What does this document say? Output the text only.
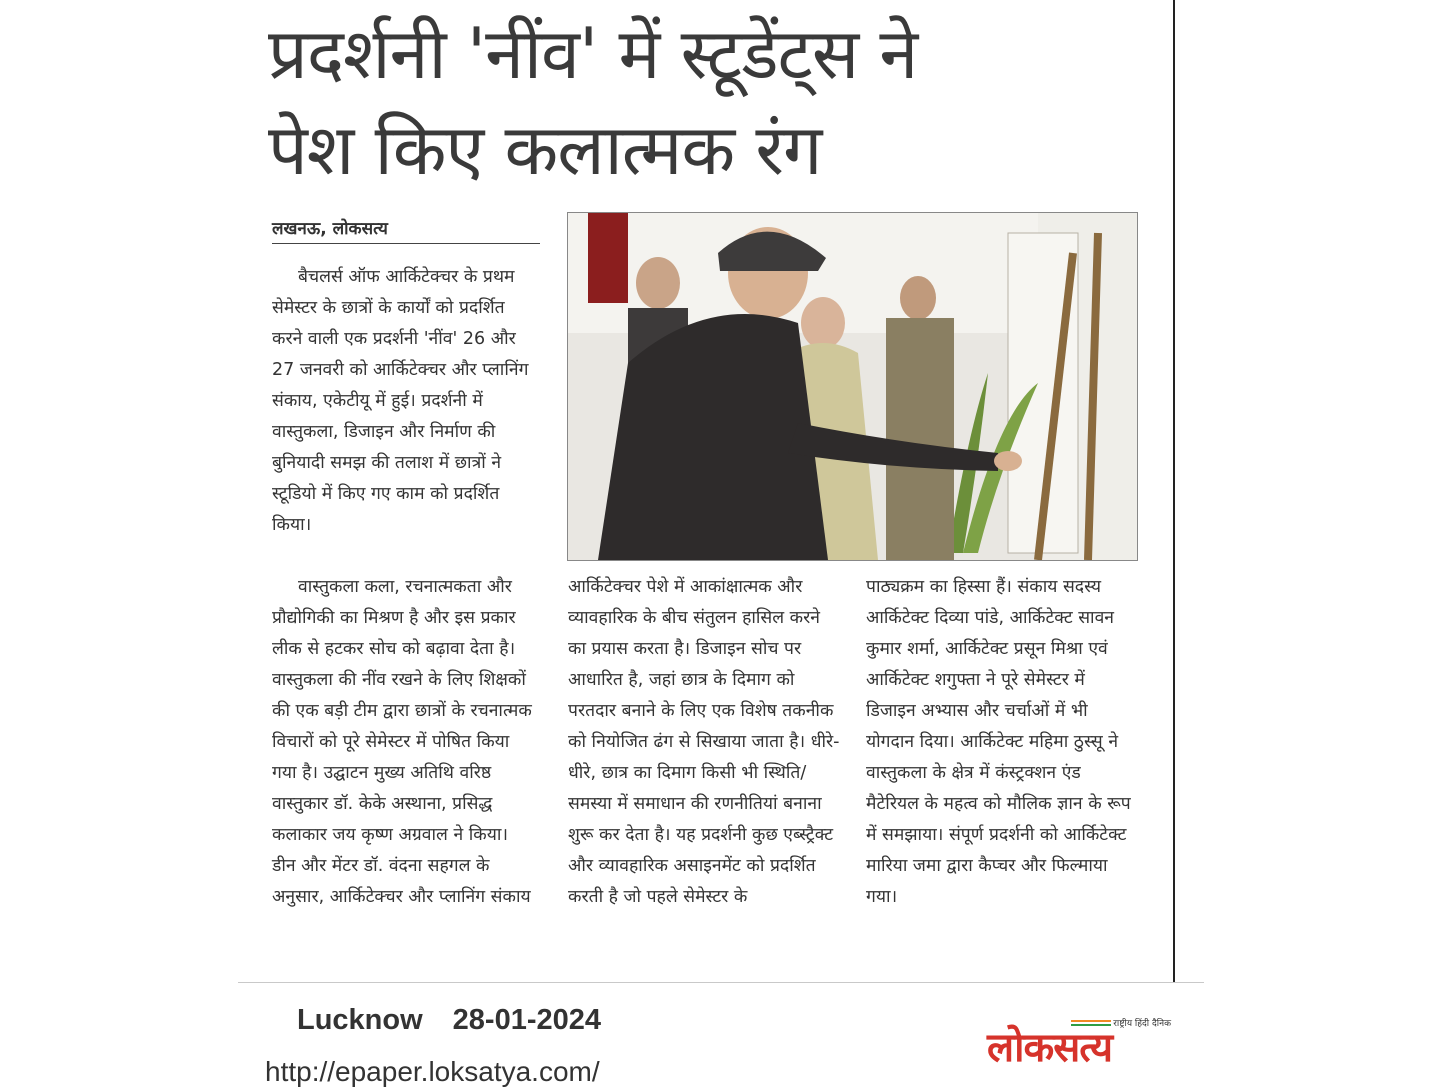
प्रदर्शनी 'नींव' में स्टूडेंट्स ने
पेश किए कलात्मक रंग
लखनऊ, लोकसत्य

बैचलर्स ऑफ आर्किटेक्चर के प्रथम सेमेस्टर के छात्रों के कार्यों को प्रदर्शित करने वाली एक प्रदर्शनी 'नींव' 26 और 27 जनवरी को आर्किटेक्चर और प्लानिंग संकाय, एकेटीयू में हुई। प्रदर्शनी में वास्तुकला, डिजाइन और निर्माण की बुनियादी समझ की तलाश में छात्रों ने स्टूडियो में किए गए काम को प्रदर्शित किया।

वास्तुकला कला, रचनात्मकता और प्रौद्योगिकी का मिश्रण है और इस प्रकार लीक से हटकर सोच को बढ़ावा देता है। वास्तुकला की नींव रखने के लिए शिक्षकों की एक बड़ी टीम द्वारा छात्रों के रचनात्मक विचारों को पूरे सेमेस्टर में पोषित किया गया है। उद्घाटन मुख्य अतिथि वरिष्ठ वास्तुकार डॉ. केके अस्थाना, प्रसिद्ध कलाकार जय कृष्ण अग्रवाल ने किया। डीन और मेंटर डॉ. वंदना सहगल के अनुसार, आर्किटेक्चर और प्लानिंग संकाय

आर्किटेक्चर पेशे में आकांक्षात्मक और व्यावहारिक के बीच संतुलन हासिल करने का प्रयास करता है। डिजाइन सोच पर आधारित है, जहां छात्र के दिमाग को परतदार बनाने के लिए एक विशेष तकनीक को नियोजित ढंग से सिखाया जाता है। धीरे-धीरे, छात्र का दिमाग किसी भी स्थिति/समस्या में समाधान की रणनीतियां बनाना शुरू कर देता है। यह प्रदर्शनी कुछ एब्स्ट्रैक्ट और व्यावहारिक असाइनमेंट को प्रदर्शित करती है जो पहले सेमेस्टर के

पाठ्यक्रम का हिस्सा हैं। संकाय सदस्य आर्किटेक्ट दिव्या पांडे, आर्किटेक्ट सावन कुमार शर्मा, आर्किटेक्ट प्रसून मिश्रा एवं आर्किटेक्ट शगुफ्ता ने पूरे सेमेस्टर में डिजाइन अभ्यास और चर्चाओं में भी योगदान दिया। आर्किटेक्ट महिमा ठुस्सू ने वास्तुकला के क्षेत्र में कंस्ट्रक्शन एंड मैटेरियल के महत्व को मौलिक ज्ञान के रूप में समझाया। संपूर्ण प्रदर्शनी को आर्किटेक्ट मारिया जमा द्वारा कैप्चर और फिल्माया गया।

Lucknow 28-01-2024
http://epaper.loksatya.com/
राष्ट्रीय हिंदी दैनिक
लोकसत्य
